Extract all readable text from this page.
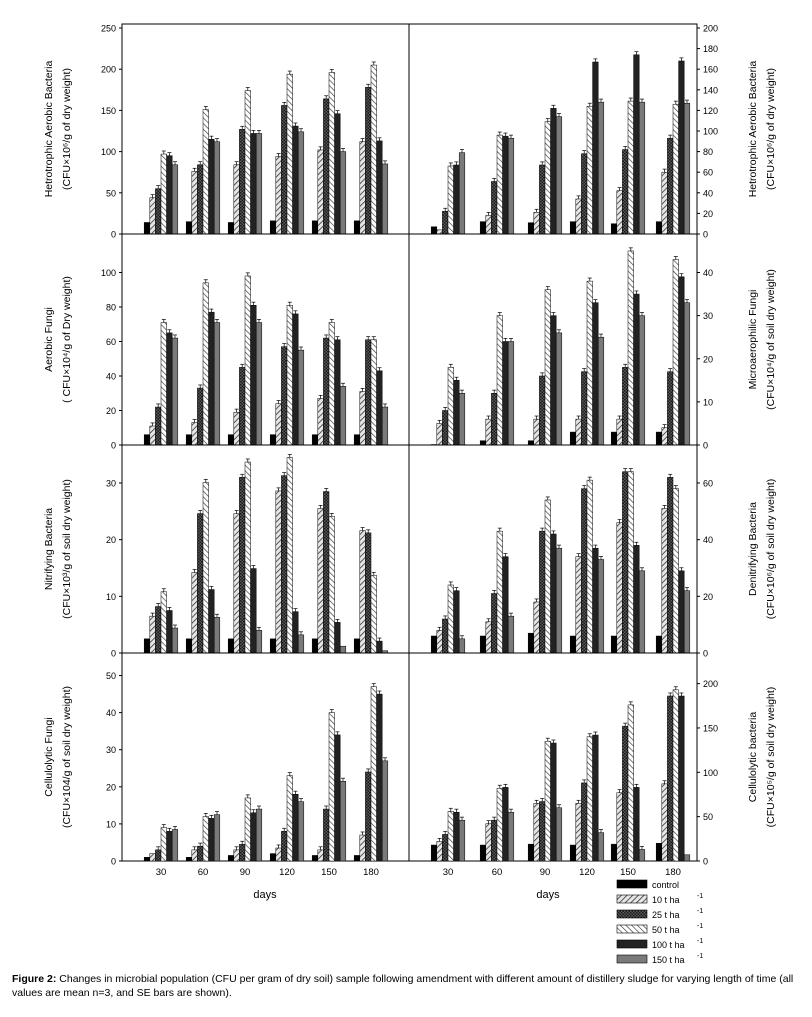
0
50
100
150
200
250
Hetrotrophic Aerobic Bacteria (CFU×10⁶/g of dry weight)
0
20
40
60
80
100
120
140
160
180
200
Hetrotrophic Aerobic Bacteria (CFU×10⁶/g of dry weight)
0
20
40
60
80
100
Aerobic Fungi ( CFU×10⁴/g of Dry weight)
0
10
20
30
40
Microaerophilic Fungi (CFU×10⁴/g of soil dry weight)
0
10
20
30
Nitrifying Bacteria (CFU×10³/g of soil dry weight)
0
20
40
60
Denitrifying Bacteria (CFU×10⁶/g of soil dry weight)
0
10
20
30
40
50
Cellulolytic Fungi (CFU×104/g of soil dry weight)
0
50
100
150
200
Cellulolytic bacteria (CFU×10⁵/g of soil dry weight)
30	60	90	120	150	180
days
30	60	90	120	150	180
days
control
10 t ha -1
25 t ha -1
50 t ha -1
100 t ha -1
150 t ha -1
Figure 2: Changes in microbial population (CFU per gram of dry soil) sample following amendment with different amount of distillery sludge for varying length of time (all values are mean n=3, and SE bars are shown).
